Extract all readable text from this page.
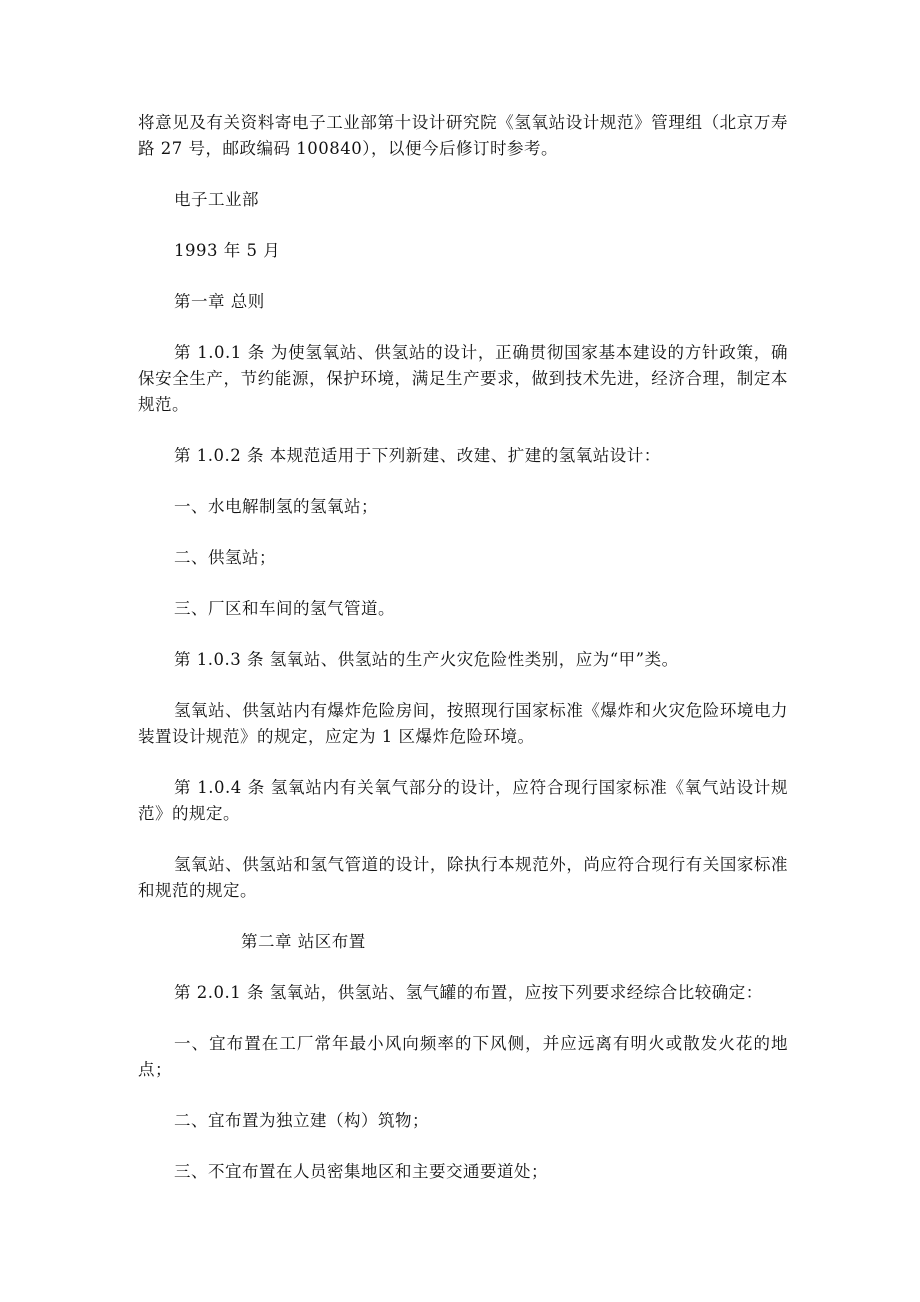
将意见及有关资料寄电子工业部第十设计研究院《氢氧站设计规范》管理组（北京万寿路 27 号，邮政编码 100840），以便今后修订时参考。

电子工业部

1993 年 5 月

第一章 总则

第 1.0.1 条 为使氢氧站、供氢站的设计，正确贯彻国家基本建设的方针政策，确保安全生产，节约能源，保护环境，满足生产要求，做到技术先进，经济合理，制定本规范。

第 1.0.2 条 本规范适用于下列新建、改建、扩建的氢氧站设计：

一、水电解制氢的氢氧站；

二、供氢站；

三、厂区和车间的氢气管道。

第 1.0.3 条 氢氧站、供氢站的生产火灾危险性类别，应为“甲”类。

氢氧站、供氢站内有爆炸危险房间，按照现行国家标准《爆炸和火灾危险环境电力装置设计规范》的规定，应定为 1 区爆炸危险环境。

第 1.0.4 条 氢氧站内有关氧气部分的设计，应符合现行国家标准《氧气站设计规范》的规定。

氢氧站、供氢站和氢气管道的设计，除执行本规范外，尚应符合现行有关国家标准和规范的规定。

第二章 站区布置

第 2.0.1 条 氢氧站，供氢站、氢气罐的布置，应按下列要求经综合比较确定：

一、宜布置在工厂常年最小风向频率的下风侧，并应远离有明火或散发火花的地点；

二、宜布置为独立建（构）筑物；

三、不宜布置在人员密集地区和主要交通要道处；
